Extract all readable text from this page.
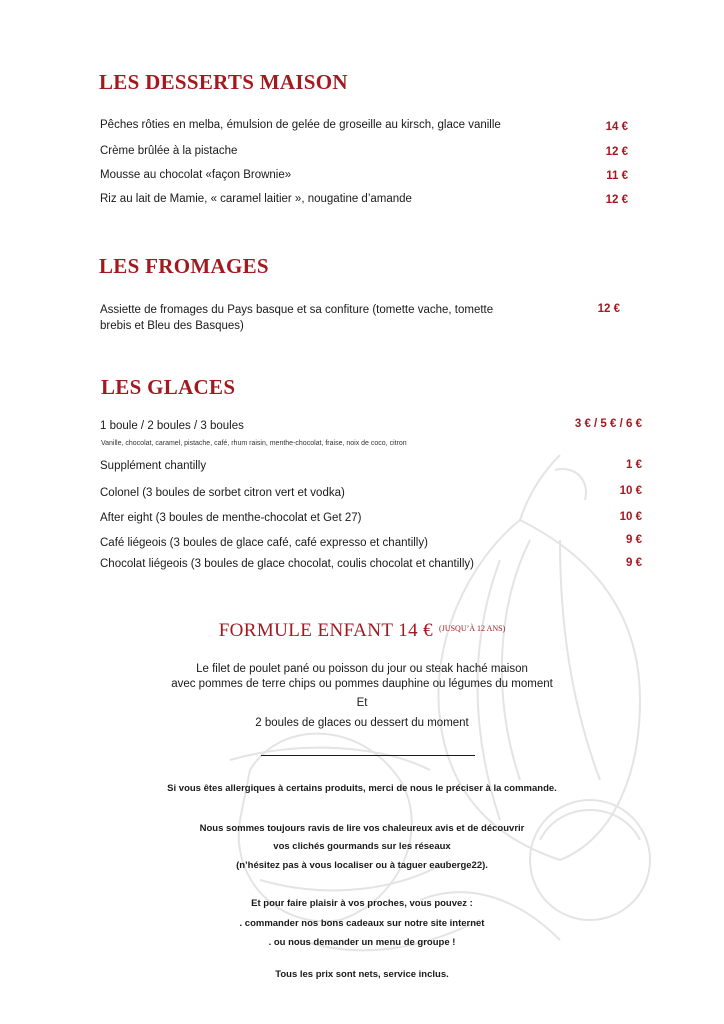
LES DESSERTS MAISON
Pêches rôties en melba, émulsion de gelée de groseille au kirsch, glace vanille	14 €
Crème brûlée à la pistache	12 €
Mousse au chocolat «façon Brownie»	11 €
Riz au lait de Mamie, « caramel laitier », nougatine d’amande	12 €
LES FROMAGES
Assiette de fromages du Pays basque et sa confiture (tomette vache, tomette
brebis et Bleu des Basques)
12 €
LES GLACES
1 boule / 2 boules / 3 boules	3 € / 5 € / 6 €
Vanille, chocolat, caramel, pistache, café, rhum raisin, menthe-chocolat, fraise, noix de coco, citron
Supplément chantilly	1 €
Colonel (3 boules de sorbet citron vert et vodka)	10 €
After eight (3 boules de menthe-chocolat et Get 27)	10 €
Café liégeois (3 boules de glace café, café expresso et chantilly)	9 €
Chocolat liégeois (3 boules de glace chocolat, coulis chocolat et chantilly)	9 €
FORMULE ENFANT 14 € $^{(JUSQU’À 12 ANS)}$
Le filet de poulet pané ou poisson du jour ou steak haché maison
avec pommes de terre chips ou pommes dauphine ou légumes du moment
Et
2 boules de glaces ou dessert du moment
Si vous êtes allergiques à certains produits, merci de nous le préciser à la commande.
Nous sommes toujours ravis de lire vos chaleureux avis et de découvrir
vos clichés gourmands sur les réseaux
(n’hésitez pas à vous localiser ou à taguer eauberge22).
Et pour faire plaisir à vos proches, vous pouvez :
. commander nos bons cadeaux sur notre site internet
. ou nous demander un menu de groupe !
Tous les prix sont nets, service inclus.
